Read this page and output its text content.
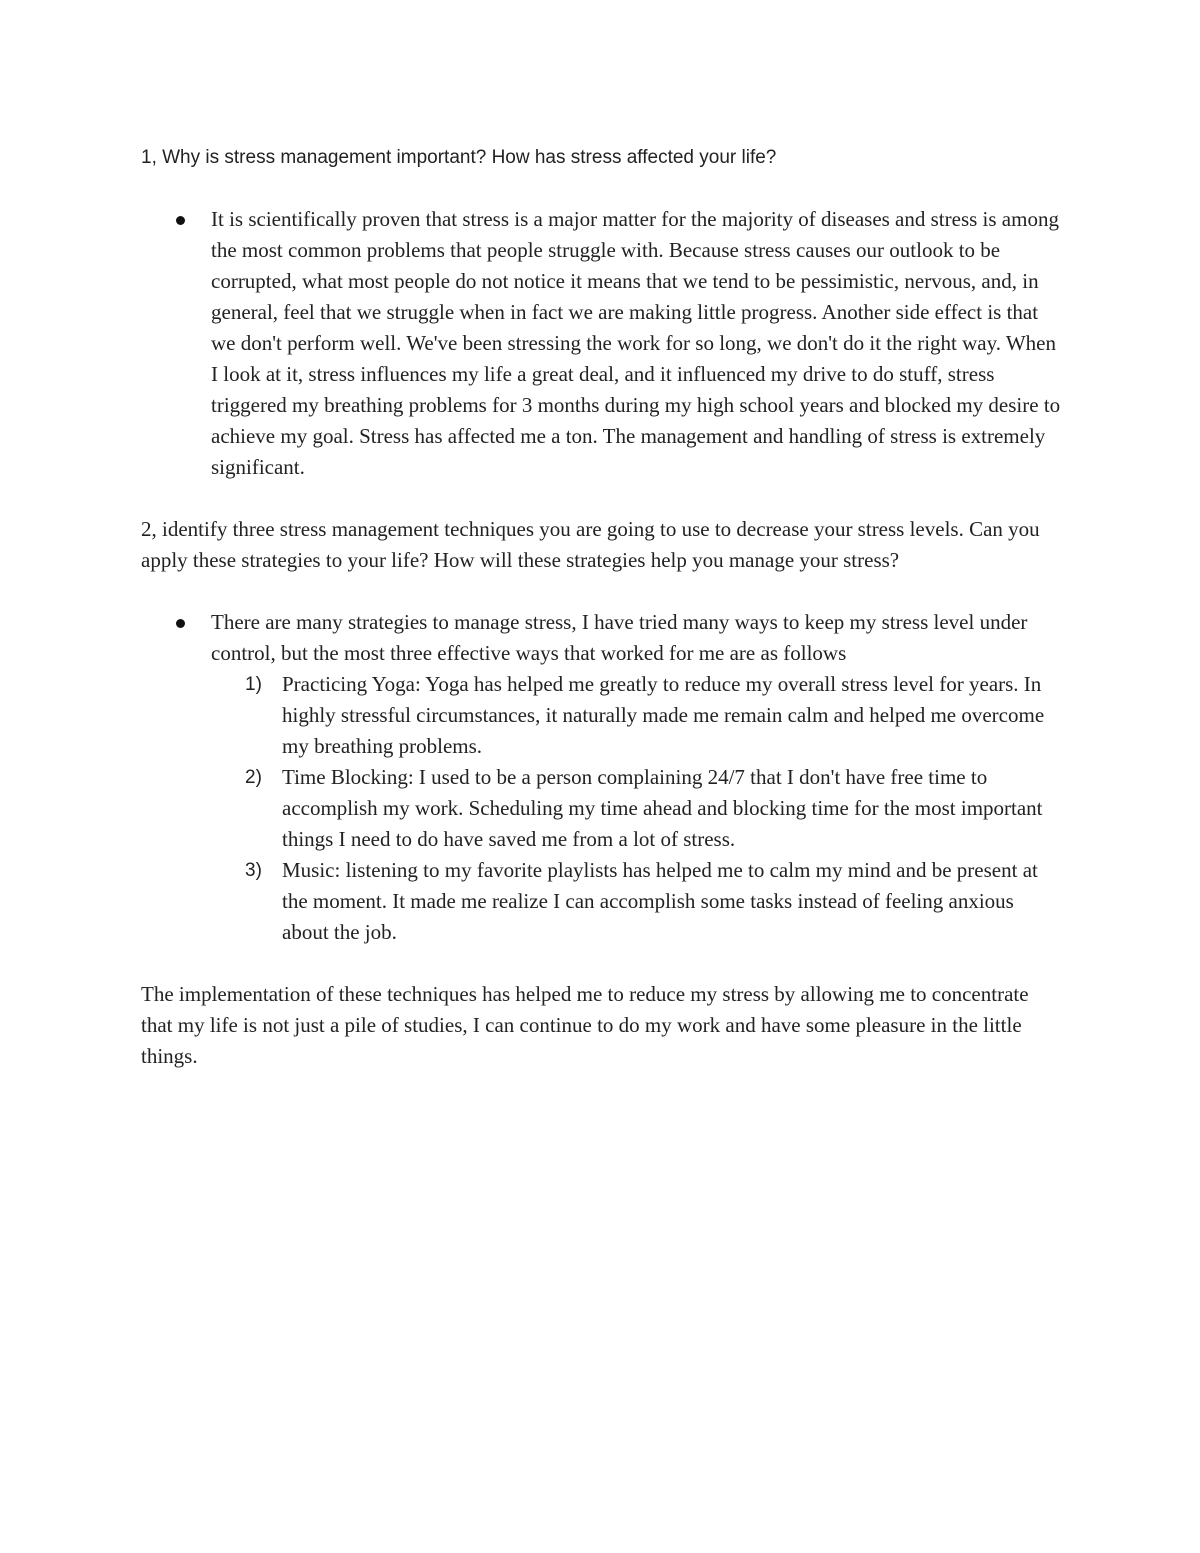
1, Why is stress management important? How has stress affected your life?

It is scientifically proven that stress is a major matter for the majority of diseases and stress is among the most common problems that people struggle with. Because stress causes our outlook to be corrupted, what most people do not notice it means that we tend to be pessimistic, nervous, and, in general, feel that we struggle when in fact we are making little progress. Another side effect is that we don't perform well. We've been stressing the work for so long, we don't do it the right way. When I look at it, stress influences my life a great deal, and it influenced my drive to do stuff, stress triggered my breathing problems for 3 months during my high school years and blocked my desire to achieve my goal. Stress has affected me a ton. The management and handling of stress is extremely significant.

2, identify three stress management techniques you are going to use to decrease your stress levels. Can you apply these strategies to your life? How will these strategies help you manage your stress?

There are many strategies to manage stress, I have tried many ways to keep my stress level under control, but the most three effective ways that worked for me are as follows
1) Practicing Yoga: Yoga has helped me greatly to reduce my overall stress level for years. In highly stressful circumstances, it naturally made me remain calm and helped me overcome my breathing problems.
2) Time Blocking: I used to be a person complaining 24/7 that I don't have free time to accomplish my work. Scheduling my time ahead and blocking time for the most important things I need to do have saved me from a lot of stress.
3) Music: listening to my favorite playlists has helped me to calm my mind and be present at the moment. It made me realize I can accomplish some tasks instead of feeling anxious about the job.

The implementation of these techniques has helped me to reduce my stress by allowing me to concentrate that my life is not just a pile of studies, I can continue to do my work and have some pleasure in the little things.
